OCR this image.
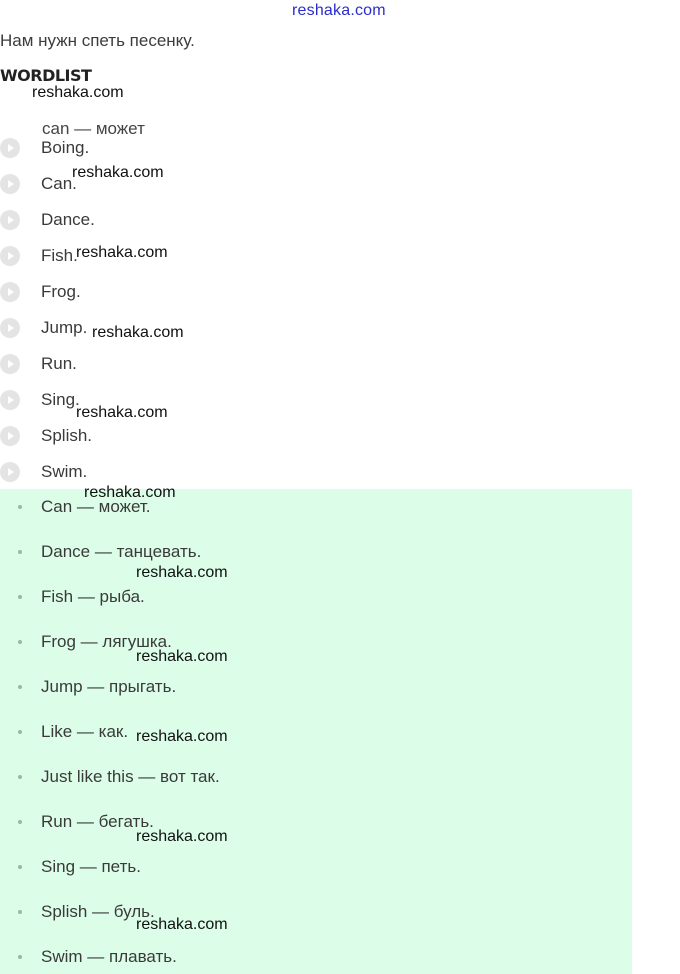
reshaka.com
Нам нужн спеть песенку.
WORDLIST
can — может
Boing.
Can.
Dance.
Fish.
Frog.
Jump.
Run.
Sing.
Splish.
Swim.
Can — может.
Dance — танцевать.
Fish — рыба.
Frog — лягушка.
Jump — прыгать.
Like — как.
Just like this — вот так.
Run — бегать.
Sing — петь.
Splish — буль.
Swim — плавать.
reshaka.com
reshaka.com
reshaka.com
reshaka.com
reshaka.com
reshaka.com
reshaka.com
reshaka.com
reshaka.com
reshaka.com
reshaka.com
